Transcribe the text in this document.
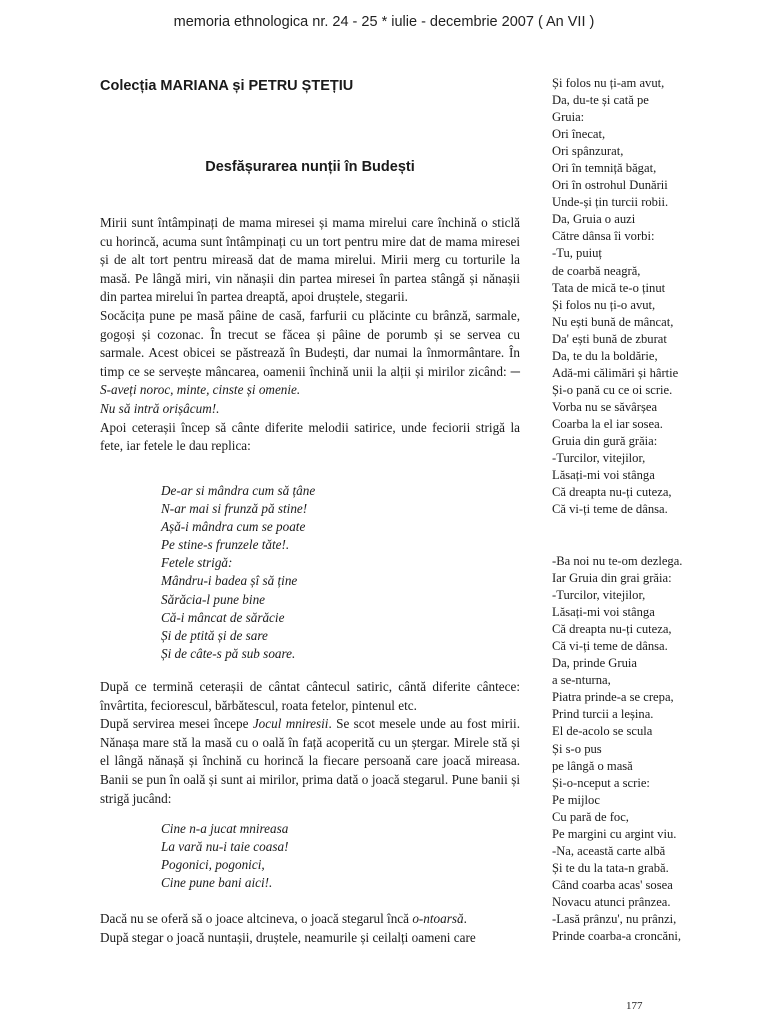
memoria ethnologica nr. 24 - 25 * iulie - decembrie 2007 ( An VII )
Colecția MARIANA și PETRU ȘTEȚIU
Desfășurarea nunții în Budești

Mirii sunt întâmpinați de mama miresei și mama mirelui care închină o sticlă cu horincă, acuma sunt întâmpinați cu un tort pentru mire dat de mama miresei și de alt tort pentru mireasă dat de mama mirelui. Mirii merg cu torturile la masă. Pe lângă miri, vin nănașii din partea miresei în partea stângă și nănașii din partea mirelui în partea dreaptă, apoi druștele, stegarii.

Socăcița pune pe masă pâine de casă, farfurii cu plăcinte cu brânză, sarmale, gogoși și cozonac. În trecut se făcea și pâine de porumb și se servea cu sarmale. Acest obicei se păstrează în Budești, dar numai la înmormântare. În timp ce se servește mâncarea, oamenii închină unii la alții și mirilor zicând: ─ S-aveți noroc, minte, cinste și omenie.
Nu să intră orișâcum!.

Apoi ceterașii încep să cânte diferite melodii satirice, unde feciorii strigă la fete, iar fetele le dau replica:

De-ar si mândra cum să țâne
N-ar mai si frunză pă stine!
Așă-i mândra cum se poate
Pe stine-s frunzele tăte!.
Fetele strigă:
Mândru-i badea șî să ține
Sărăcia-l pune bine
Că-i mâncat de sărăcie
Și de ptită și de sare
Și de câte-s pă sub soare.

După ce termină ceterașii de cântat cântecul satiric, cântă diferite cântece: învârtita, feciorescul, bărbătescul, roata fetelor, pintenul etc.

După servirea mesei începe Jocul mniresii. Se scot mesele unde au fost mirii. Nănașa mare stă la masă cu o oală în față acoperită cu un ștergar. Mirele stă și el lângă nănașă și închină cu horincă la fiecare persoană care joacă mireasa. Banii se pun în oală și sunt ai mirilor, prima dată o joacă stegarul. Pune banii și strigă jucând:

Cine n-a jucat mnireasa
La vară nu-i taie coasa!
Pogonici, pogonici,
Cine pune bani aici!.

Dacă nu se oferă să o joace altcineva, o joacă stegarul încă o-ntoarsă.

După stegar o joacă nuntașii, druștele, neamurile și ceilalți oameni care

Și folos nu ți-am avut,
Da, du-te și cată pe
Gruia:
Ori înecat,
Ori spânzurat,
Ori în temniță băgat,
Ori în ostrohul Dunării
Unde-și țin turcii robii.
Da, Gruia o auzi
Către dânsa îi vorbi:
-Tu, puiuț
de coarbă neagră,
Tata de mică te-o ținut
Și folos nu ți-o avut,
Nu ești bună de mâncat,
Da' ești bună de zburat
Da, te du la boldărie,
Adă-mi călimări și hârtie
Și-o pană cu ce oi scrie.
Vorba nu se săvârșea
Coarba la el iar sosea.
Gruia din gură grăia:
-Turcilor, vitejilor,
Lăsați-mi voi stânga
Că dreapta nu-ți cuteza,
Că vi-ți teme de dânsa.
-Ba noi nu te-om dezlega.
Iar Gruia din grai grăia:
-Turcilor, vitejilor,
Lăsați-mi voi stânga
Că dreapta nu-ți cuteza,
Că vi-ți teme de dânsa.
Da, prinde Gruia
a se-nturna,
Piatra prinde-a se crepa,
Prind turcii a leșina.
El de-acolo se scula
Și s-o pus
pe lângă o masă
Și-o-nceput a scrie:
Pe mijloc
Cu pară de foc,
Pe margini cu argint viu.
-Na, această carte albă
Și te du la tata-n grabă.
Când coarba acas' sosea
Novacu atunci prânzea.
-Lasă prânzu', nu prânzi,
Prinde coarba-a croncăni,
177
